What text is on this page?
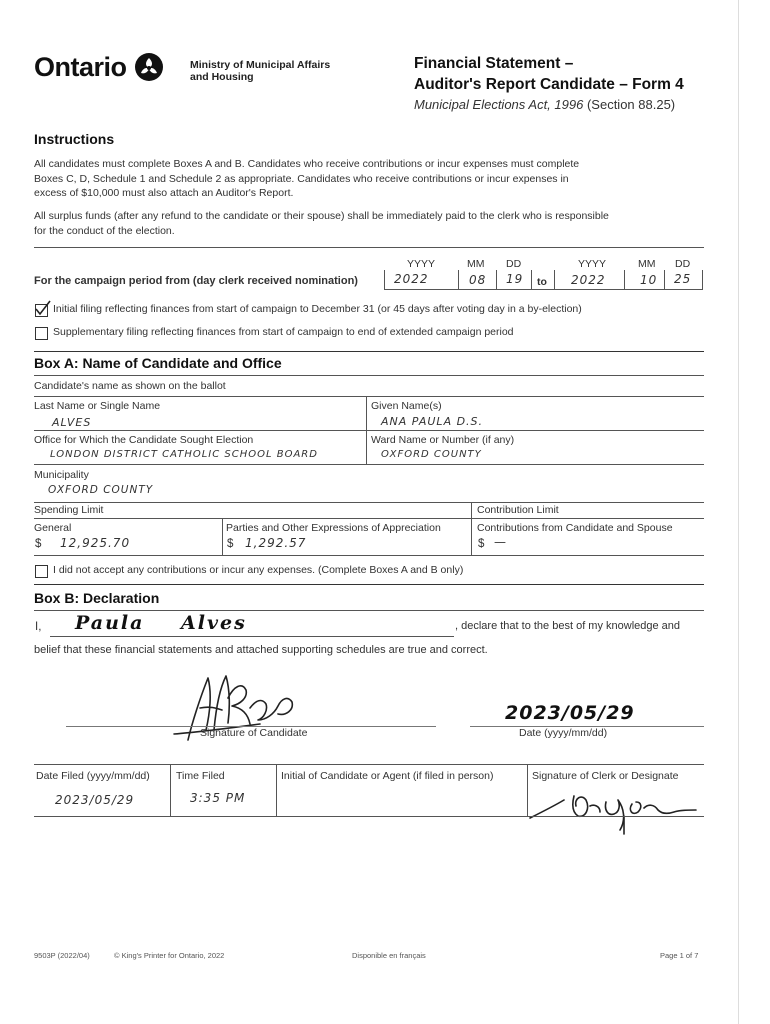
Ontario	Ministry of Municipal Affairs
and Housing
Financial Statement –
Auditor's Report Candidate – Form 4
Municipal Elections Act, 1996 (Section 88.25)
Instructions
All candidates must complete Boxes A and B. Candidates who receive contributions or incur expenses must complete
Boxes C, D, Schedule 1 and Schedule 2 as appropriate. Candidates who receive contributions or incur expenses in
excess of $10,000 must also attach an Auditor's Report.
All surplus funds (after any refund to the candidate or their spouse) shall be immediately paid to the clerk who is responsible
for the conduct of the election.
For the campaign period from (day clerk received nomination)
YYYY	MM DD	YYYY	MM DD
2022	08 19 to 2022	10 25
Initial filing reflecting finances from start of campaign to December 31 (or 45 days after voting day in a by-election)
Supplementary filing reflecting finances from start of campaign to end of extended campaign period
Box A: Name of Candidate and Office
Candidate's name as shown on the ballot
Last Name or Single Name
ALVES
Given Name(s)
ANA PAULA D.S.
Office for Which the Candidate Sought Election
LONDON DISTRICT CATHOLIC SCHOOL BOARD
Ward Name or Number (if any)
OXFORD COUNTY
Municipality
OXFORD COUNTY
Spending Limit	Contribution Limit
General
$ 12,925.70
Parties and Other Expressions of Appreciation
$ 1,292.57
Contributions from Candidate and Spouse
$ —
I did not accept any contributions or incur any expenses. (Complete Boxes A and B only)
Box B: Declaration
I, Paula Alves	, declare that to the best of my knowledge and
belief that these financial statements and attached supporting schedules are true and correct.
Signature of Candidate
2023/05/29
Date (yyyy/mm/dd)
Date Filed (yyyy/mm/dd) Time Filed	Initial of Candidate or Agent (if filed in person)	Signature of Clerk or Designate
2023/05/29	3:35 PM
9503P (2022/04)	© King's Printer for Ontario, 2022	Disponible en français	Page 1 of 7
